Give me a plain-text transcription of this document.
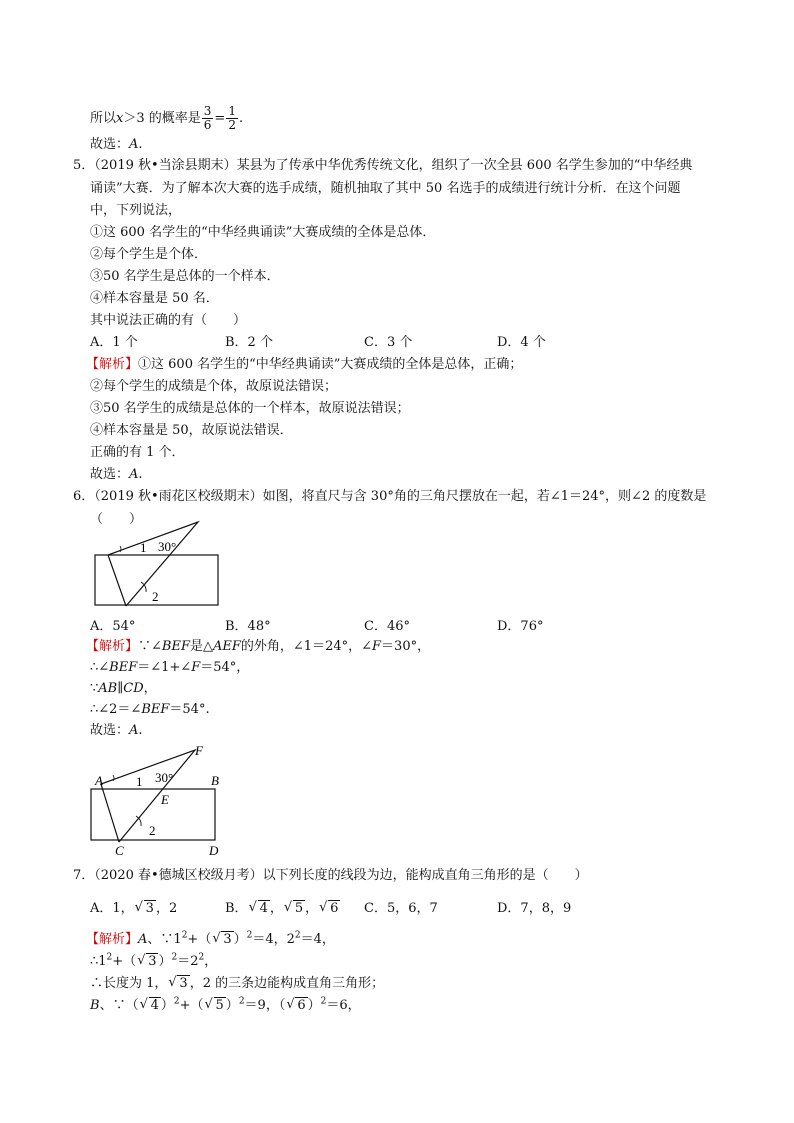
所以x＞3 的概率是 $\frac{3}{6} = \frac{1}{2}$ .
故选：A.
5．（2019 秋•当涂县期末）某县为了传承中华优秀传统文化，组织了一次全县 600 名学生参加的“中华经典
诵读”大赛．为了解本次大赛的选手成绩，随机抽取了其中 50 名选手的成绩进行统计分析．在这个问题
中，下列说法，
①这 600 名学生的“中华经典诵读”大赛成绩的全体是总体．
②每个学生是个体．
③50 名学生是总体的一个样本．
④样本容量是 50 名．
其中说法正确的有（　　）
A．1 个	B．2 个	C．3 个	D．4 个
【解析】①这 600 名学生的“中华经典诵读”大赛成绩的全体是总体，正确；
②每个学生的成绩是个体，故原说法错误；
③50 名学生的成绩是总体的一个样本，故原说法错误；
④样本容量是 50，故原说法错误．
正确的有 1 个．
故选：A.
6．（2019 秋•雨花区校级期末）如图，将直尺与含 30°角的三角尺摆放在一起，若∠1＝24°，则∠2 的度数是
（　　）
1 30°
2
A．54°	B．48°	C．46°	D．76°
【解析】∵∠BEF是△AEF的外角，∠1＝24°，∠F＝30°，
∴∠BEF＝∠1+∠F＝54°，
∵AB∥CD，
∴∠2＝∠BEF＝54°.
故选：A.
A	B
C	D
E
F
1 30°
2
7．（2020 春•德城区校级月考）以下列长度的线段为边，能构成直角三角形的是（　　）
A．1，√ 3 ，2	B．√ 4 ，√ 5 ，√ 6 C．5，6，7	D．7，8，9
【解析】A、$\because 1^2+(√$ 3 ）$^2$＝4，$2^2=4$，
$\therefore 1^2+(√$ 3 ）$^2=2^2$，
∴长度为 1，√ 3 ，2 的三条边能构成直角三角形；
B、∵（√ 4 ）$^2$+（√ 5 ）$^2$＝9，（√ 6 ）$^2$＝6，
